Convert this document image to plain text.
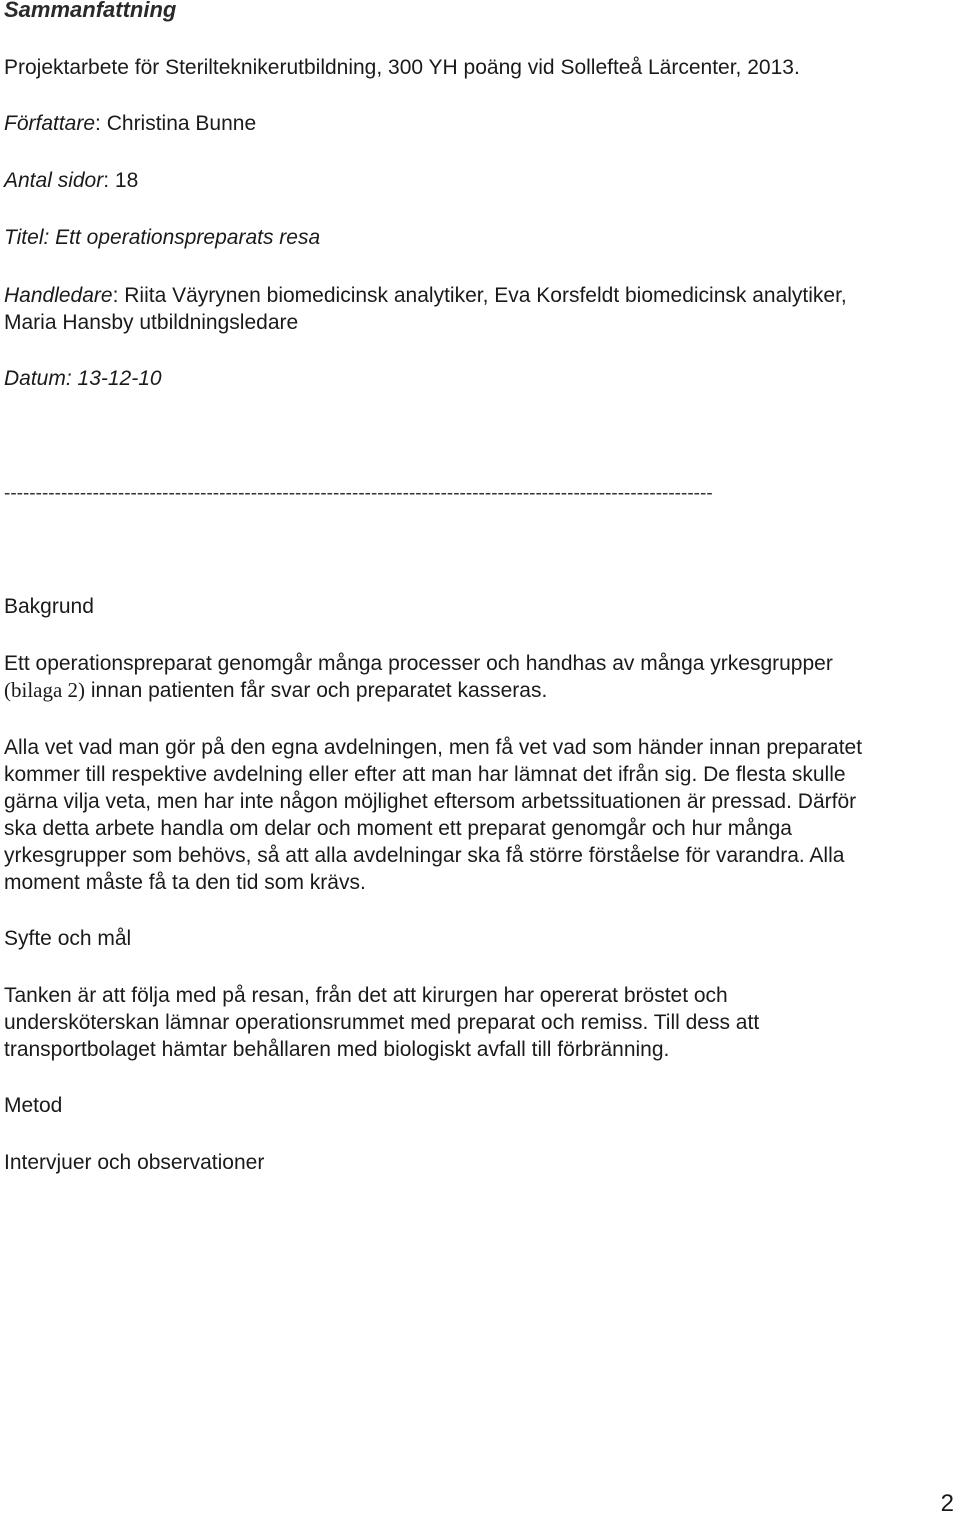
Sammanfattning
Projektarbete för Sterilteknikerutbildning, 300 YH poäng vid Sollefteå Lärcenter, 2013.
Författare: Christina Bunne
Antal sidor: 18
Titel: Ett operationspreparats resa
Handledare: Riita Väyrynen biomedicinsk analytiker, Eva Korsfeldt biomedicinsk analytiker,
Maria Hansby utbildningsledare
Datum: 13-12-10
----------------------------------------------------------------------------------------------------------------
Bakgrund
Ett operationspreparat genomgår många processer och handhas av många yrkesgrupper
(bilaga 2) innan patienten får svar och preparatet kasseras.
Alla vet vad man gör på den egna avdelningen, men få vet vad som händer innan preparatet
kommer till respektive avdelning eller efter att man har lämnat det ifrån sig. De flesta skulle
gärna vilja veta, men har inte någon möjlighet eftersom arbetssituationen är pressad. Därför
ska detta arbete handla om delar och moment ett preparat genomgår och hur många
yrkesgrupper som behövs, så att alla avdelningar ska få större förståelse för varandra. Alla
moment måste få ta den tid som krävs.
Syfte och mål
Tanken är att följa med på resan, från det att kirurgen har opererat bröstet och
undersköterskan lämnar operationsrummet med preparat och remiss. Till dess att
transportbolaget hämtar behållaren med biologiskt avfall till förbränning.
Metod
Intervjuer och observationer
2
